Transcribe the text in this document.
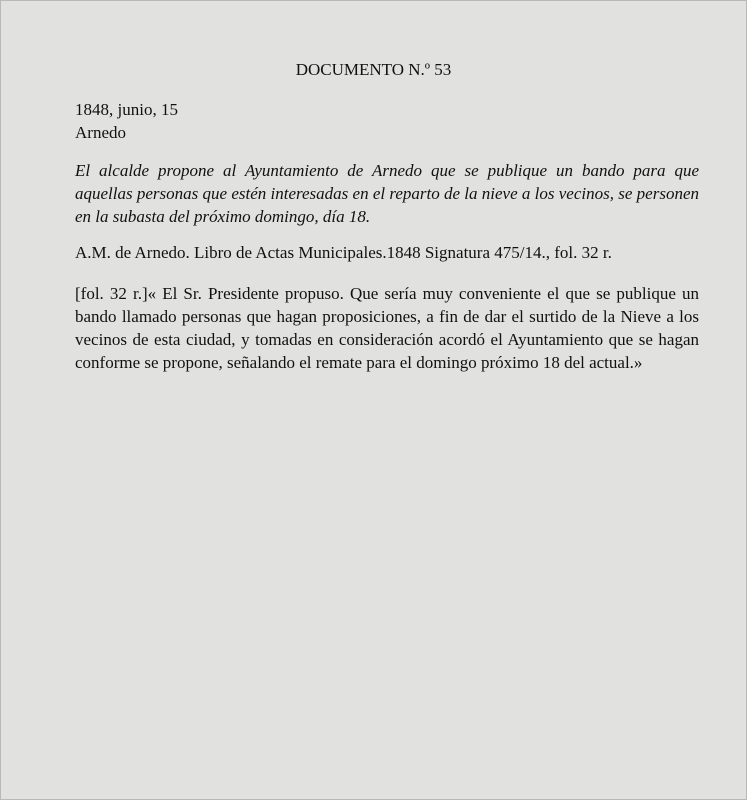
DOCUMENTO N.º 53

1848, junio, 15

Arnedo

El alcalde propone al Ayuntamiento de Arnedo que se publique un bando para que aquellas personas que estén interesadas en el reparto de la nieve a los vecinos, se personen en la subasta del próximo domingo, día 18.

A.M. de Arnedo. Libro de Actas Municipales.1848 Signatura 475/14., fol. 32 r.

[fol. 32 r.]« El Sr. Presidente propuso. Que sería muy conveniente el que se publique un bando llamado personas que hagan proposiciones, a fin de dar el surtido de la Nieve a los vecinos de esta ciudad, y tomadas en consideración acordó el Ayuntamiento que se hagan conforme se propone, señalando el remate para el domingo próximo 18 del actual.»
